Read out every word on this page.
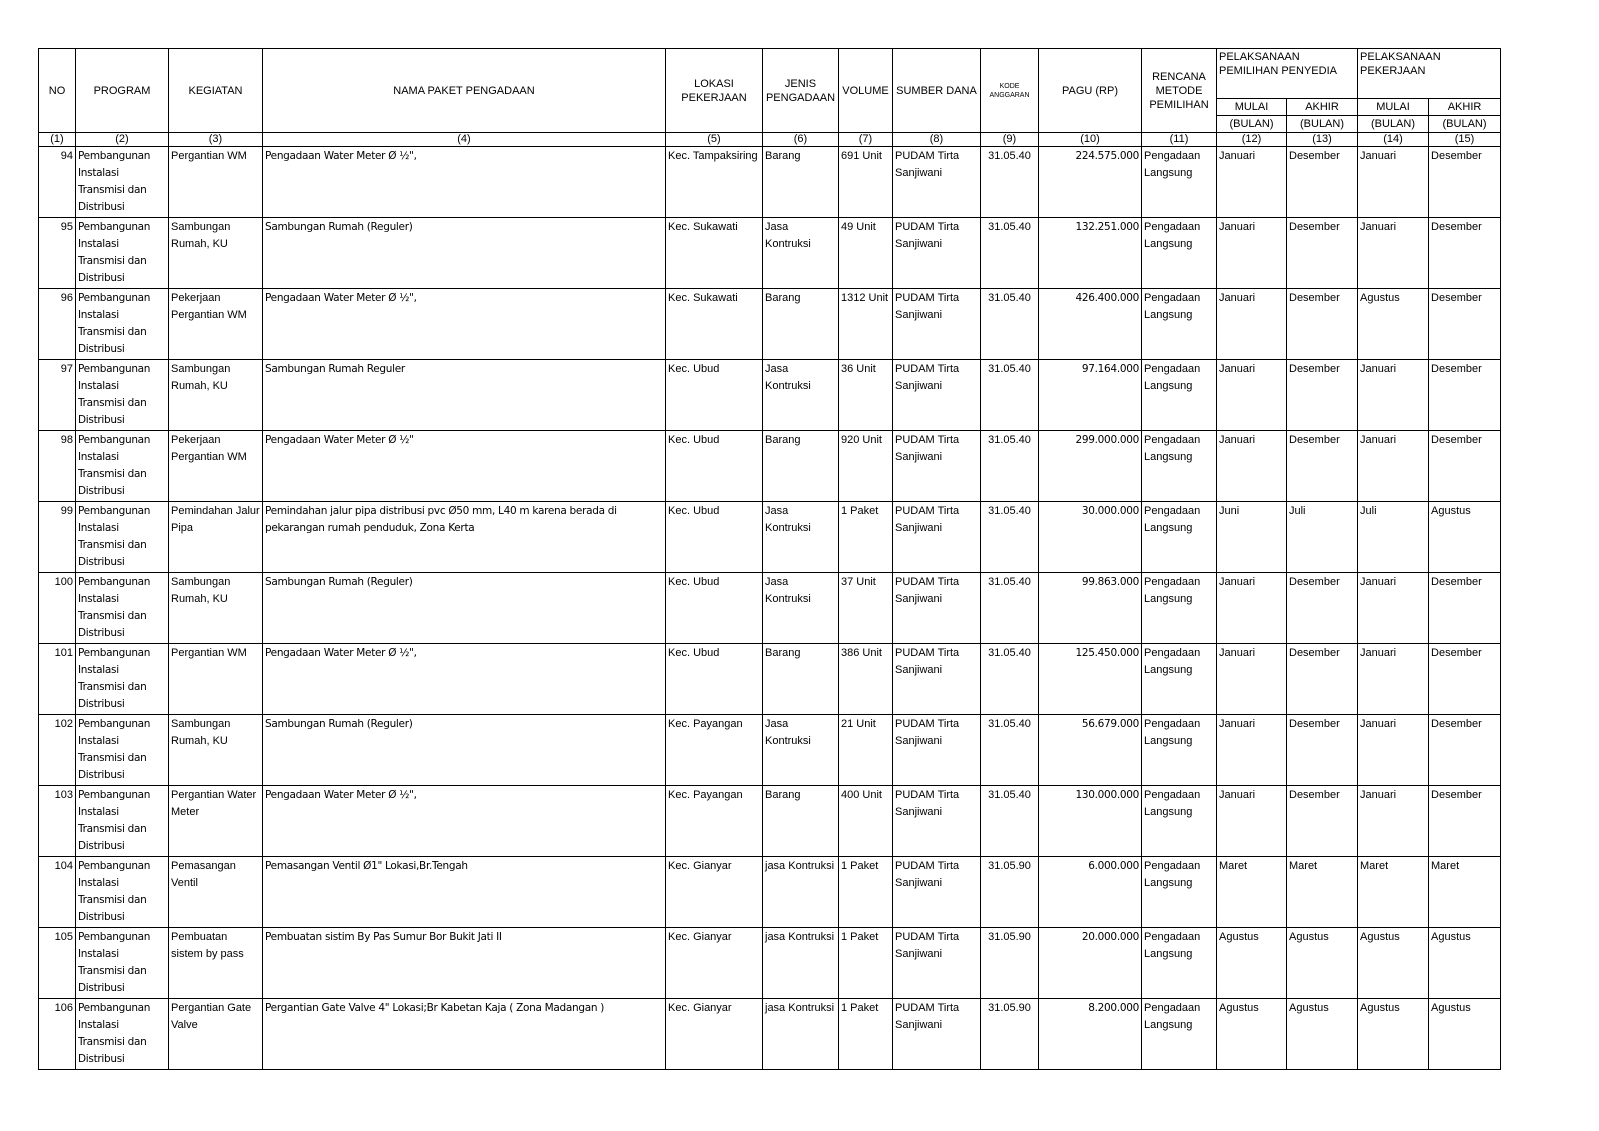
NO	PROGRAM	KEGIATAN	NAMA PAKET PENGADAAN	LOKASI PEKERJAAN	JENIS PENGADAAN	VOLUME	SUMBER DANA	KODE ANGGARAN	PAGU (RP)	RENCANA METODE PEMILIHAN	PELAKSANAAN PEMILIHAN PENYEDIA		PELAKSANAAN PEKERJAAN	
											MULAI	AKHIR	MULAI	AKHIR
											(BULAN)	(BULAN)	(BULAN)	(BULAN)
(1)	(2)	(3)	(4)	(5)	(6)	(7)	(8)	(9)	(10)	(11)	(12)	(13)	(14)	(15)
94	Pembangunan Instalasi Transmisi dan Distribusi	Pergantian WM	Pengadaan Water Meter Ø ½",	Kec. Tampaksiring	Barang	691 Unit	PUDAM Tirta Sanjiwani	31.05.40	224.575.000	Pengadaan Langsung	Januari	Desember	Januari	Desember
95	Pembangunan Instalasi Transmisi dan Distribusi	Sambungan Rumah, KU	Sambungan Rumah (Reguler)	Kec. Sukawati	Jasa Kontruksi	49 Unit	PUDAM Tirta Sanjiwani	31.05.40	132.251.000	Pengadaan Langsung	Januari	Desember	Januari	Desember
96	Pembangunan Instalasi Transmisi dan Distribusi	Pekerjaan Pergantian WM	Pengadaan Water Meter Ø ½",	Kec. Sukawati	Barang	1312 Unit	PUDAM Tirta Sanjiwani	31.05.40	426.400.000	Pengadaan Langsung	Januari	Desember	Agustus	Desember
97	Pembangunan Instalasi Transmisi dan Distribusi	Sambungan Rumah, KU	Sambungan Rumah Reguler	Kec. Ubud	Jasa Kontruksi	36 Unit	PUDAM Tirta Sanjiwani	31.05.40	97.164.000	Pengadaan Langsung	Januari	Desember	Januari	Desember
98	Pembangunan Instalasi Transmisi dan Distribusi	Pekerjaan Pergantian WM	Pengadaan Water Meter Ø ½"	Kec. Ubud	Barang	920 Unit	PUDAM Tirta Sanjiwani	31.05.40	299.000.000	Pengadaan Langsung	Januari	Desember	Januari	Desember
99	Pembangunan Instalasi Transmisi dan Distribusi	Pemindahan Jalur Pipa	Pemindahan jalur pipa distribusi pvc Ø50 mm, L40 m karena berada di pekarangan rumah penduduk, Zona Kerta	Kec. Ubud	Jasa Kontruksi	1 Paket	PUDAM Tirta Sanjiwani	31.05.40	30.000.000	Pengadaan Langsung	Juni	Juli	Juli	Agustus
100	Pembangunan Instalasi Transmisi dan Distribusi	Sambungan Rumah, KU	Sambungan Rumah (Reguler)	Kec. Ubud	Jasa Kontruksi	37 Unit	PUDAM Tirta Sanjiwani	31.05.40	99.863.000	Pengadaan Langsung	Januari	Desember	Januari	Desember
101	Pembangunan Instalasi Transmisi dan Distribusi	Pergantian WM	Pengadaan Water Meter Ø ½",	Kec. Ubud	Barang	386 Unit	PUDAM Tirta Sanjiwani	31.05.40	125.450.000	Pengadaan Langsung	Januari	Desember	Januari	Desember
102	Pembangunan Instalasi Transmisi dan Distribusi	Sambungan Rumah, KU	Sambungan Rumah (Reguler)	Kec. Payangan	Jasa Kontruksi	21 Unit	PUDAM Tirta Sanjiwani	31.05.40	56.679.000	Pengadaan Langsung	Januari	Desember	Januari	Desember
103	Pembangunan Instalasi Transmisi dan Distribusi	Pergantian Water Meter	Pengadaan Water Meter Ø ½",	Kec. Payangan	Barang	400 Unit	PUDAM Tirta Sanjiwani	31.05.40	130.000.000	Pengadaan Langsung	Januari	Desember	Januari	Desember
104	Pembangunan Instalasi Transmisi dan Distribusi	Pemasangan Ventil	Pemasangan Ventil Ø1" Lokasi,Br.Tengah	Kec. Gianyar	jasa Kontruksi	1 Paket	PUDAM Tirta Sanjiwani	31.05.90	6.000.000	Pengadaan Langsung	Maret	Maret	Maret	Maret
105	Pembangunan Instalasi Transmisi dan Distribusi	Pembuatan sistem by pass	Pembuatan sistim By Pas Sumur Bor Bukit Jati II	Kec. Gianyar	jasa Kontruksi	1 Paket	PUDAM Tirta Sanjiwani	31.05.90	20.000.000	Pengadaan Langsung	Agustus	Agustus	Agustus	Agustus
106	Pembangunan Instalasi Transmisi dan Distribusi	Pergantian Gate Valve	Pergantian Gate Valve 4" Lokasi;Br Kabetan Kaja ( Zona Madangan )	Kec. Gianyar	jasa Kontruksi	1 Paket	PUDAM Tirta Sanjiwani	31.05.90	8.200.000	Pengadaan Langsung	Agustus	Agustus	Agustus	Agustus
